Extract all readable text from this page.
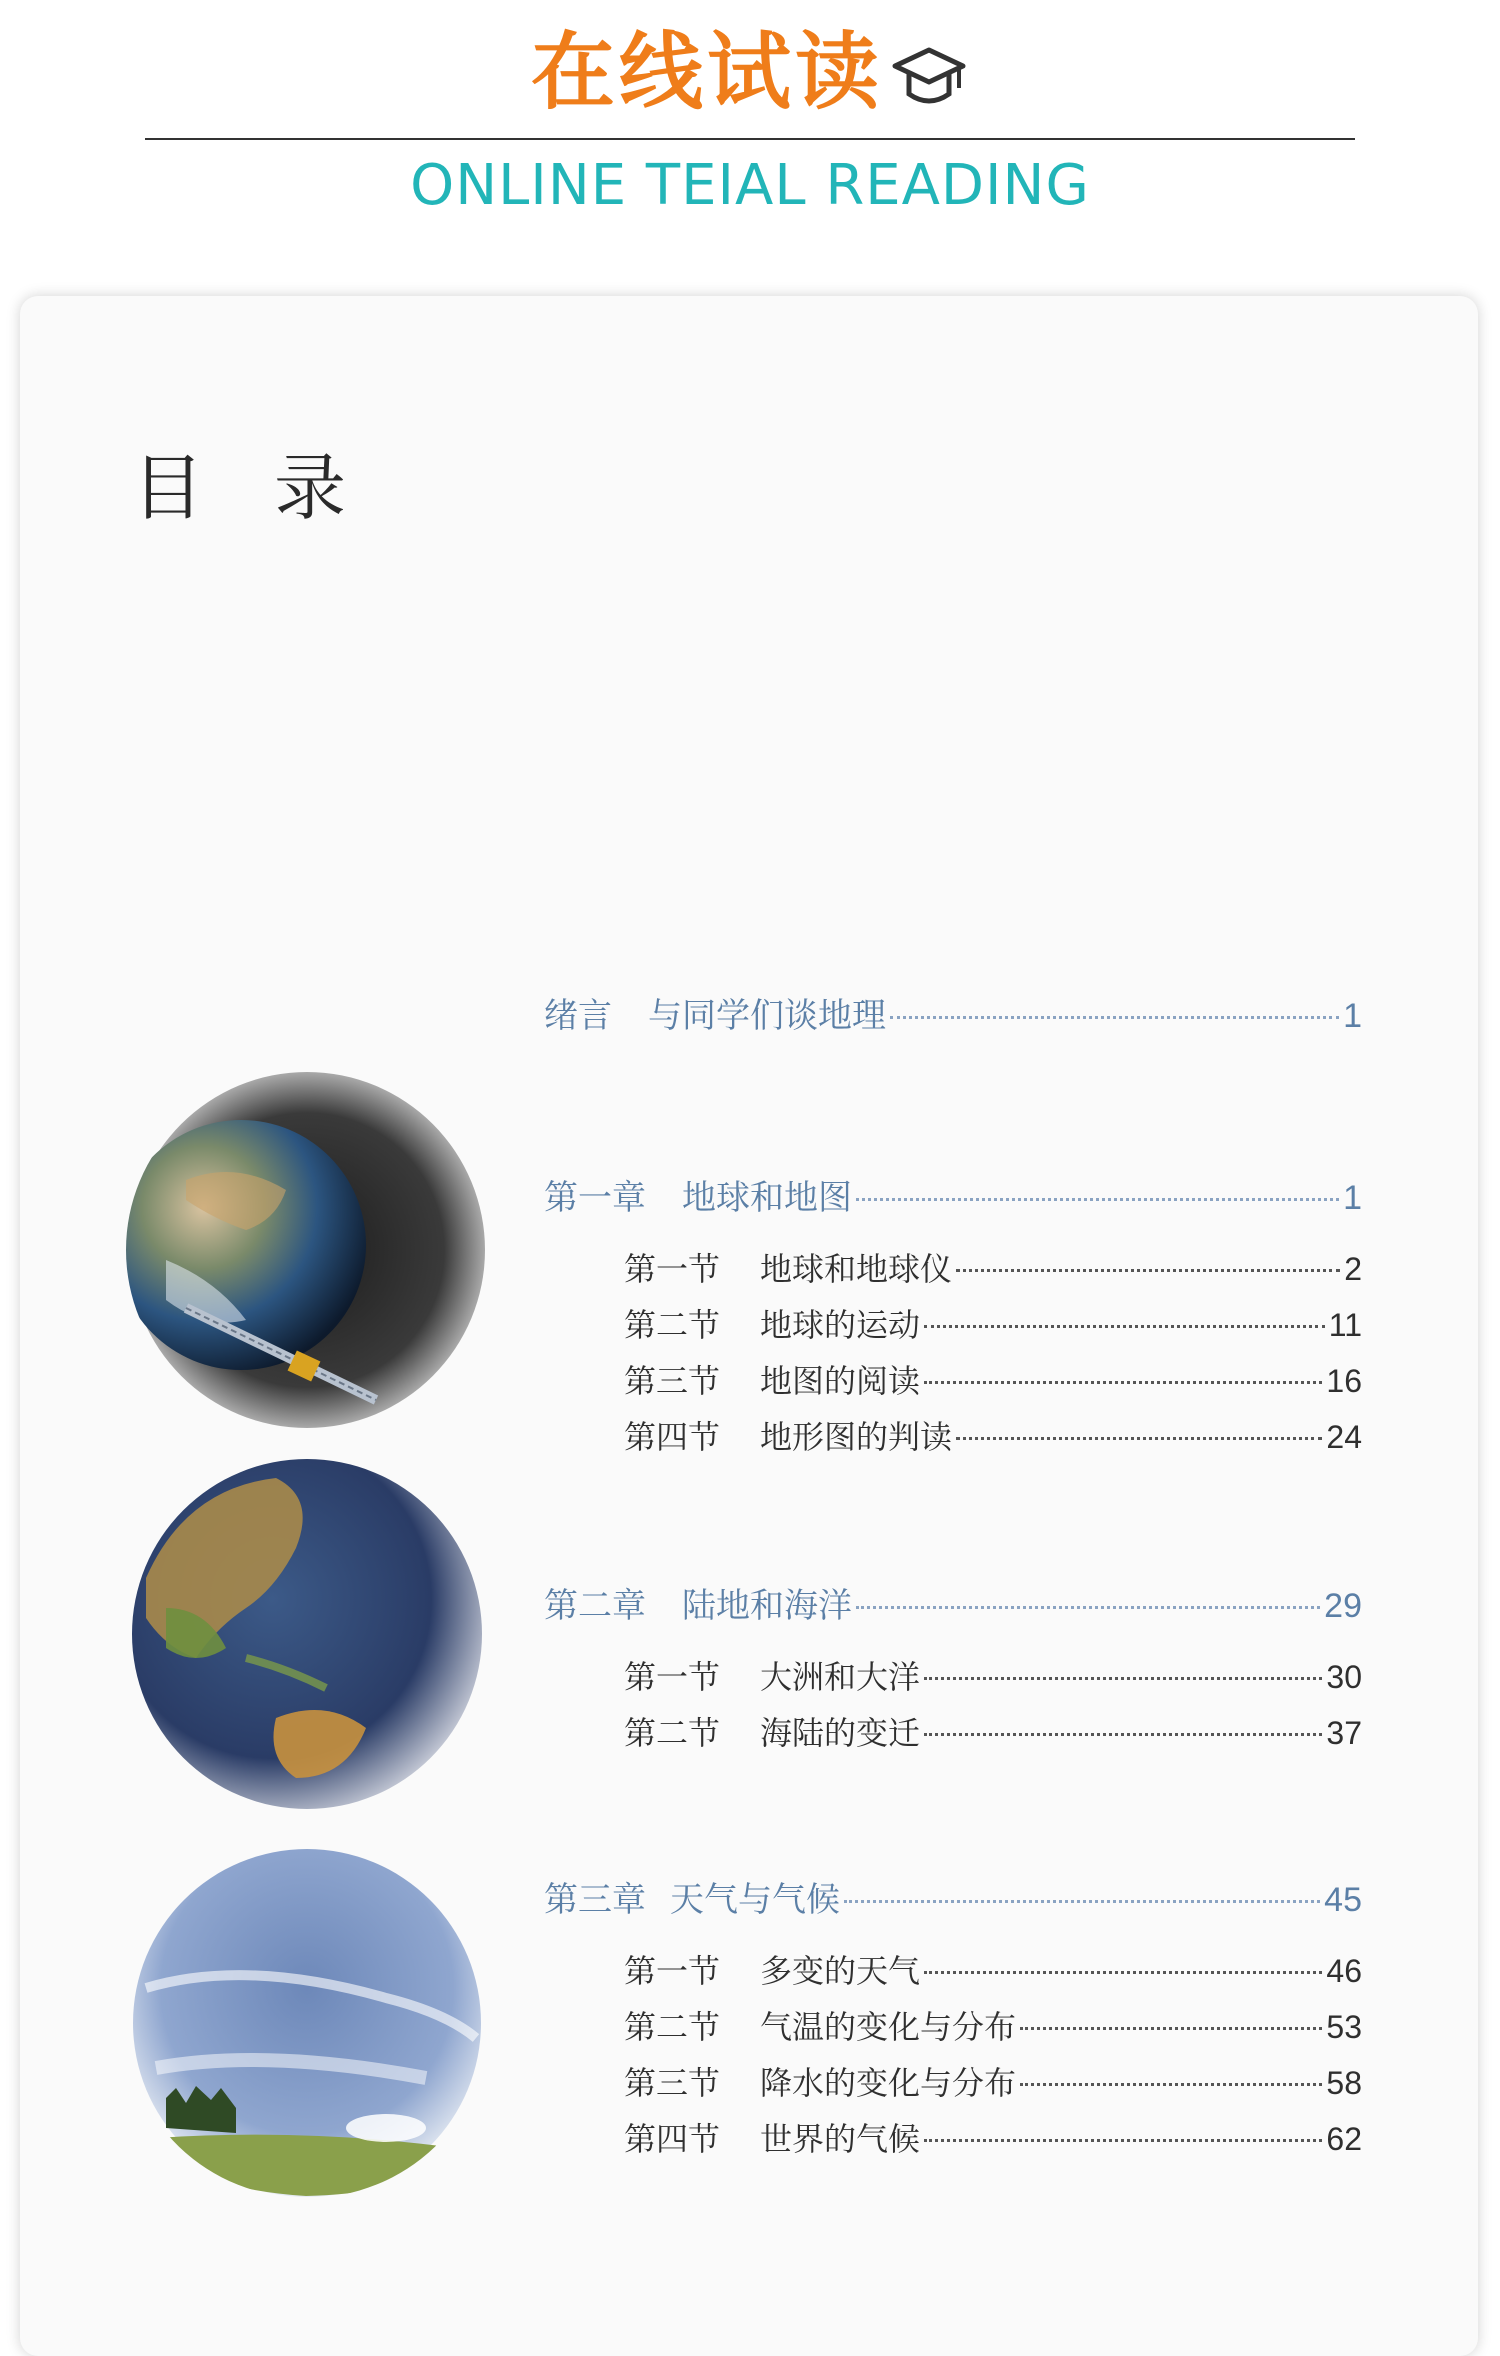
在线试读
ONLINE TEIAL READING
目录
绪言 与同学们谈地理	1
第一章 地球和地图	1
第一节 地球和地球仪	2
第二节 地球的运动	11
第三节 地图的阅读	16
第四节 地形图的判读	24
第二章 陆地和海洋	29
第一节 大洲和大洋	30
第二节 海陆的变迁	37
第三章 天气与气候	45
第一节 多变的天气	46
第二节 气温的变化与分布	53
第三节 降水的变化与分布	58
第四节 世界的气候	62
